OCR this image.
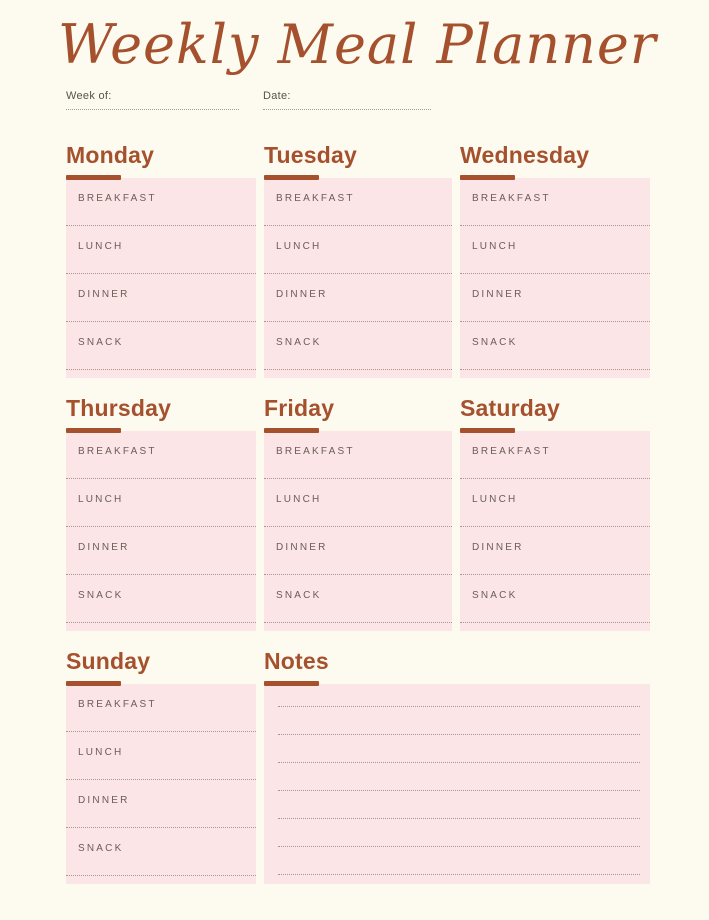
Weekly Meal Planner
Week of:	Date:
Monday
BREAKFAST
LUNCH
DINNER
SNACK
Tuesday
BREAKFAST
LUNCH
DINNER
SNACK
Wednesday
BREAKFAST
LUNCH
DINNER
SNACK
Thursday
BREAKFAST
LUNCH
DINNER
SNACK
Friday
BREAKFAST
LUNCH
DINNER
SNACK
Saturday
BREAKFAST
LUNCH
DINNER
SNACK
Sunday
BREAKFAST
LUNCH
DINNER
SNACK
Notes
